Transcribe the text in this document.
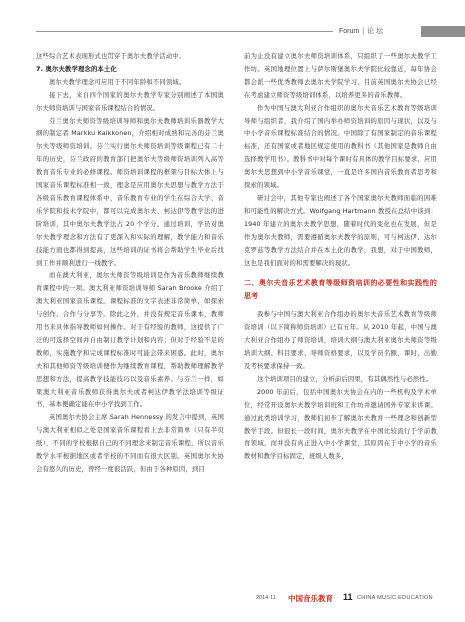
Forum | 论 坛

这些综合艺术表现形式也贯穿于奥尔夫教学活动中。

7. 奥尔夫教学理念的本土化

奥尔夫教学理念可应用于不同年龄和不同领域。

接下去，来自四个国家的奥尔夫教学专家分别阐述了本国奥尔夫师资培训与国家音乐课程结合的情况。

芬兰奥尔夫师资等级培训导师和奥尔夫教师培训乐器教学大纲的制定者 Markku Kaikkonen，介绍相对成熟和完善的芬兰奥尔夫等级师资培训。芬兰实行奥尔夫师资培训等级课程已有二十年的历史，芬兰政府的教育部门把奥尔夫等级师资培训列入高等教育音乐专业的必修课程。师资培训课程的框架与目标大体上与国家音乐课程标准相一致，理念是应用奥尔夫思想与教学方法于各级音乐教育课程体系中，音乐教育专业的学生在综合大学、音乐学院和技术学院中，都可以完成奥尔夫、柯达伊等教学法的进阶培训，其中奥尔夫教学法占 20 个学分。通过培训，学员对奥尔夫教学理念和方法有了更深入和实际的理解，教学能力和音乐技能方面也都得到提高，这些培训的证书将会帮助学生毕业后找到工作并顺利进行一线教学。

而在澳大利亚，奥尔夫师资等级培训是作为音乐教师继续教育课程中的一项。澳大利亚师资培训导师 Sarah Brooke 介绍了澳大利亚国家音乐课程。课程标准的文字表述非常简单，如探索与创作、合作与分享等。除此之外，并没有规定音乐课本，教师用书来具体指导教师如何操作。对于有经验的教师，这提供了广泛的可选择空间并自由制订教学计划和内容；但对于经验不足的教师，实施教学和完成课程标准时可能会带来困惑。此时，奥尔夫和其他师资等级培训便作为继续教育课程，帮助教师理解教学思想和方法，提高教学技能技巧以及音乐素养。与芬兰一样，如果澳大利亚音乐教师获得奥尔夫或者柯达伊教学法培训等级证书，基本便确定能在中小学找到工作。

英国奥尔夫协会主席 Sarah Hennessy 的发言中提到，英国与澳大利亚相似之处是国家音乐课程看上去非常简单（只有半页纸），不同的学校根据自己的不同理念来制定音乐课程，所以音乐教学水平根据地区或者学校的不同而有很大区别。英国奥尔夫协会有悠久的历史，曾经一度很活跃，但由于各种原因，到目

前为止没有建立奥尔夫师资培训体系，只组织了一些奥尔夫教学工作坊。英国地理位置上与萨尔斯堡奥尔夫学院比较靠近，每年协会都会派一些优秀教师去奥尔夫学院学习。目前英国奥尔夫协会已经在考虑建立师资等级培训体系，以培养更多的音乐教师。

作为中国与澳大利亚合作组织的奥尔夫音乐艺术教育等级培训导师与组织者，我介绍了国内举办师资培训的原因与现状，以及与中小学音乐课程标准结合的情况。中国除了有国家制定的音乐课程标准，还有国家或者地区规定使用的教科书（其他国家是教师自由选择教学用书）。教科书中对每个课时有具体的教学目标要求，应用奥尔夫思想到中小学音乐课堂，一直是许多国内音乐教育者思考和探索的领域。

研讨会中，其他专家也阐述了各个国家奥尔夫教师面临的困难和可能性的解决方式。Wolfgang Hartmann 教授在总结中谈到：1940 年建立的奥尔夫教学思想，随着时代的变化也在发展，但是作为奥尔夫教师，需要遵循奥尔夫教学的原则，可与柯达伊、达尔克罗兹等教学方法结合并在本土化的教学，我想，对于中国教师，这也是我们面对的和需要解决的现状。

二、奥尔夫音乐艺术教育等级师资培训的必要性和实践性的思考

我参与中国与澳大利亚合作组办的奥尔夫音乐艺术教育等级师资培训（以下简称师资培训）已有五年。从 2010 年起，中国与澳大利亚合作组办了师资培训，培训大纲与澳大利亚奥尔夫师资等级培训大纲、科目要求、导师资格要求，以及学员名额、课时、出勤及考核要求保持一致。

这个培训项目的建立，分析前后因果，有其偶然性与必然性。

2000 年前后，包括中国奥尔夫协会在内的一些机构及学术单位，经常开设奥尔夫教学培训班和工作坊并邀请国外专家来讲课。通过此类培训学习，教师们初步了解奥尔夫教育一些理念和创新型教学手段。但很长一段时间，奥尔夫教学在中国比较流行于学前教育领域，而并没有真正进入中小学课堂，其原因在于中小学的音乐教材和教学目标固定，班级人数多，

2014·11 中国音乐教育 11 CHINA MUSIC EDUCATION
